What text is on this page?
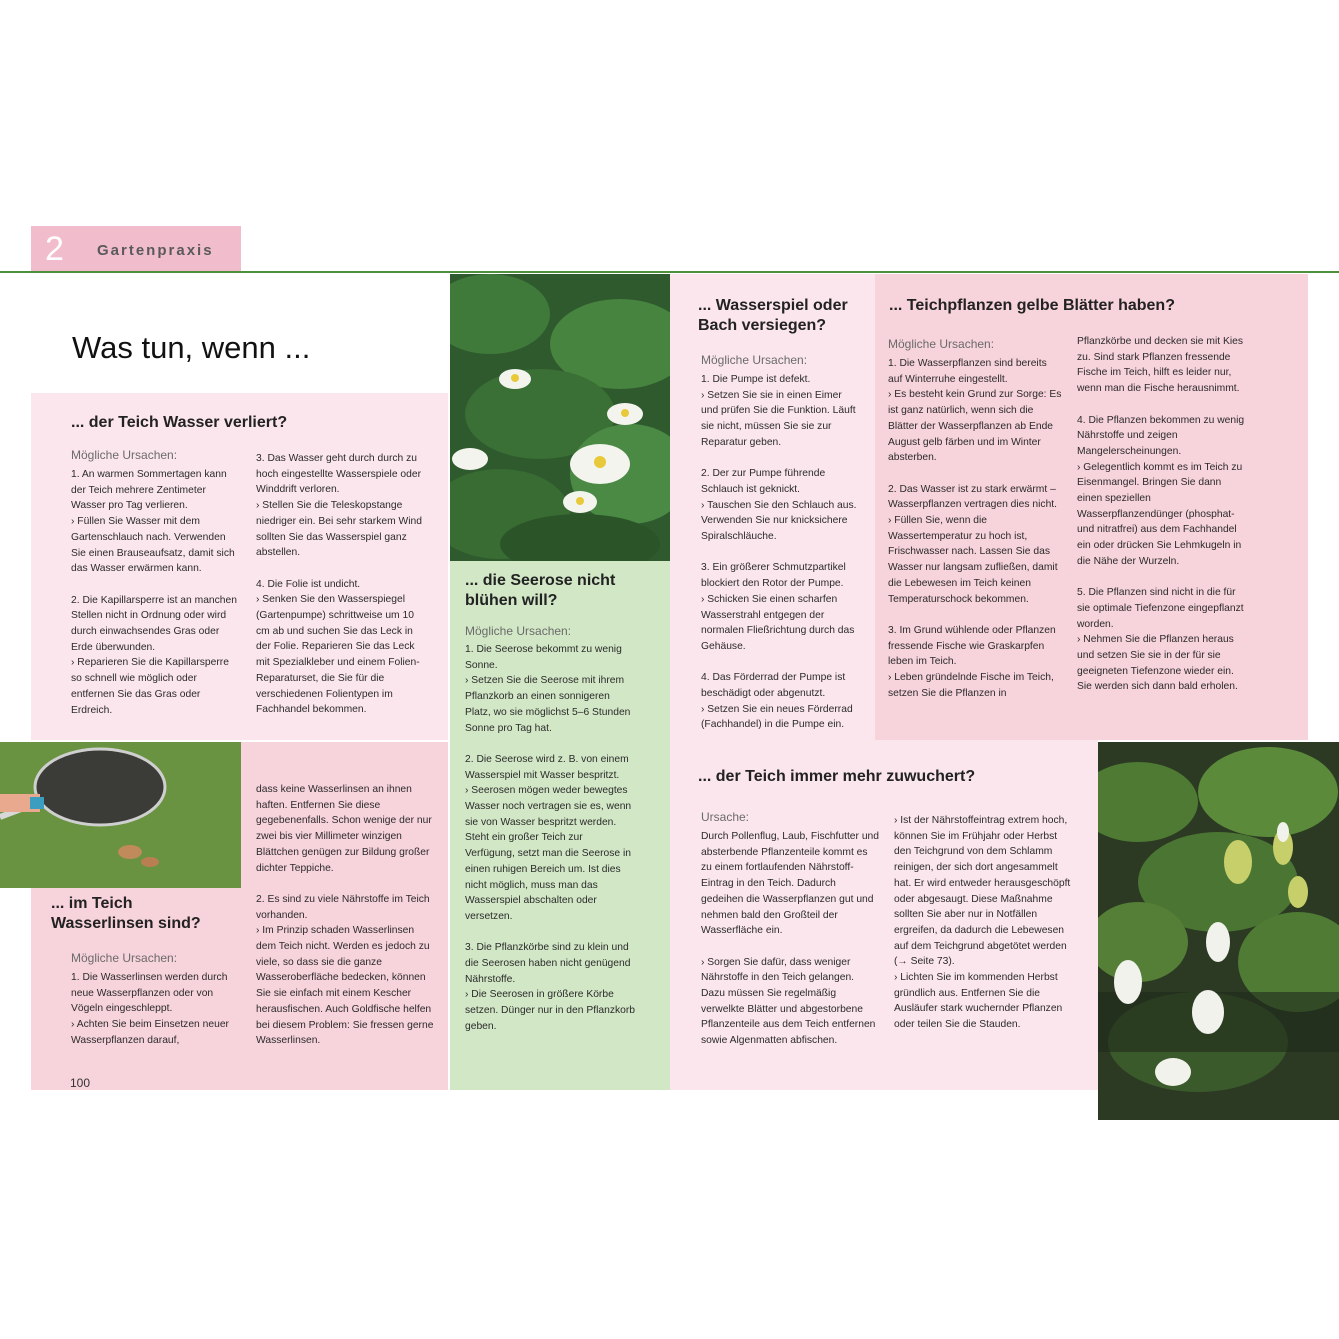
2 Gartenpraxis
Was tun, wenn ...
... der Teich Wasser verliert?

Mögliche Ursachen:

1. An warmen Sommertagen kann der Teich mehrere Zentimeter Wasser pro Tag verlieren.

› Füllen Sie Wasser mit dem Gartenschlauch nach. Verwenden Sie einen Brauseaufsatz, damit sich das Wasser erwärmen kann.

2. Die Kapillarsperre ist an manchen Stellen nicht in Ordnung oder wird durch einwachsendes Gras oder Erde überwunden.

› Reparieren Sie die Kapillarsperre so schnell wie möglich oder entfernen Sie das Gras oder Erdreich.

3. Das Wasser geht durch durch zu hoch eingestellte Wasserspiele oder Winddrift verloren.

› Stellen Sie die Teleskopstange niedriger ein. Bei sehr starkem Wind sollten Sie das Wasserspiel ganz abstellen.

4. Die Folie ist undicht.

› Senken Sie den Wasserspiegel (Gartenpumpe) schrittweise um 10 cm ab und suchen Sie das Leck in der Folie. Reparieren Sie das Leck mit Spezialkleber und einem Folien-Reparaturset, die Sie für die verschiedenen Folientypen im Fachhandel bekommen.

... die Seerose nicht blühen will?

Mögliche Ursachen:

1. Die Seerose bekommt zu wenig Sonne.

› Setzen Sie die Seerose mit ihrem Pflanzkorb an einen sonnigeren Platz, wo sie möglichst 5–6 Stunden Sonne pro Tag hat.

2. Die Seerose wird z. B. von einem Wasserspiel mit Wasser bespritzt.

› Seerosen mögen weder bewegtes Wasser noch vertragen sie es, wenn sie von Wasser bespritzt werden. Steht ein großer Teich zur Verfügung, setzt man die Seerose in einen ruhigen Bereich um. Ist dies nicht möglich, muss man das Wasserspiel abschalten oder versetzen.

3. Die Pflanzkörbe sind zu klein und die Seerosen haben nicht genügend Nährstoffe.

› Die Seerosen in größere Körbe setzen. Dünger nur in den Pflanzkorb geben.

... im Teich Wasserlinsen sind?

Mögliche Ursachen:

1. Die Wasserlinsen werden durch neue Wasserpflanzen oder von Vögeln eingeschleppt.

› Achten Sie beim Einsetzen neuer Wasserpflanzen darauf,

100

dass keine Wasserlinsen an ihnen haften. Entfernen Sie diese gegebenenfalls. Schon wenige der nur zwei bis vier Millimeter winzigen Blättchen genügen zur Bildung großer dichter Teppiche.

2. Es sind zu viele Nährstoffe im Teich vorhanden.

› Im Prinzip schaden Wasserlinsen dem Teich nicht. Werden es jedoch zu viele, so dass sie die ganze Wasseroberfläche bedecken, können Sie sie einfach mit einem Kescher herausfischen. Auch Goldfische helfen bei diesem Problem: Sie fressen gerne Wasserlinsen.

... Wasserspiel oder Bach versiegen?

Mögliche Ursachen:

1. Die Pumpe ist defekt.

› Setzen Sie sie in einen Eimer und prüfen Sie die Funktion. Läuft sie nicht, müssen Sie sie zur Reparatur geben.

2. Der zur Pumpe führende Schlauch ist geknickt.

› Tauschen Sie den Schlauch aus. Verwenden Sie nur knicksichere Spiralschläuche.

3. Ein größerer Schmutzpartikel blockiert den Rotor der Pumpe.

› Schicken Sie einen scharfen Wasserstrahl entgegen der normalen Fließrichtung durch das Gehäuse.

4. Das Förderrad der Pumpe ist beschädigt oder abgenutzt.

› Setzen Sie ein neues Förderrad (Fachhandel) in die Pumpe ein.

... Teichpflanzen gelbe Blätter haben?

Mögliche Ursachen:

1. Die Wasserpflanzen sind bereits auf Winterruhe eingestellt.

› Es besteht kein Grund zur Sorge: Es ist ganz natürlich, wenn sich die Blätter der Wasserpflanzen ab Ende August gelb färben und im Winter absterben.

2. Das Wasser ist zu stark erwärmt – Wasserpflanzen vertragen dies nicht.

› Füllen Sie, wenn die Wassertemperatur zu hoch ist, Frischwasser nach. Lassen Sie das Wasser nur langsam zufließen, damit die Lebewesen im Teich keinen Temperaturschock bekommen.

3. Im Grund wühlende oder Pflanzen fressende Fische wie Graskarpfen leben im Teich.

› Leben gründelnde Fische im Teich, setzen Sie die Pflanzen in

Pflanzkörbe und decken sie mit Kies zu. Sind stark Pflanzen fressende Fische im Teich, hilft es leider nur, wenn man die Fische herausnimmt.

4. Die Pflanzen bekommen zu wenig Nährstoffe und zeigen Mangelerscheinungen.

› Gelegentlich kommt es im Teich zu Eisenmangel. Bringen Sie dann einen speziellen Wasserpflanzendünger (phosphat- und nitratfrei) aus dem Fachhandel ein oder drücken Sie Lehmkugeln in die Nähe der Wurzeln.

5. Die Pflanzen sind nicht in die für sie optimale Tiefenzone eingepflanzt worden.

› Nehmen Sie die Pflanzen heraus und setzen Sie sie in der für sie geeigneten Tiefenzone wieder ein. Sie werden sich dann bald erholen.

... der Teich immer mehr zuwuchert?

Ursache:

Durch Pollenflug, Laub, Fischfutter und absterbende Pflanzenteile kommt es zu einem fortlaufenden Nährstoff-Eintrag in den Teich. Dadurch gedeihen die Wasserpflanzen gut und nehmen bald den Großteil der Wasserfläche ein.

› Sorgen Sie dafür, dass weniger Nährstoffe in den Teich gelangen. Dazu müssen Sie regelmäßig verwelkte Blätter und abgestorbene Pflanzenteile aus dem Teich entfernen sowie Algenmatten abfischen.

› Ist der Nährstoffeintrag extrem hoch, können Sie im Frühjahr oder Herbst den Teichgrund von dem Schlamm reinigen, der sich dort angesammelt hat. Er wird entweder herausgeschöpft oder abgesaugt. Diese Maßnahme sollten Sie aber nur in Notfällen ergreifen, da dadurch die Lebewesen auf dem Teichgrund abgetötet werden (→ Seite 73).

› Lichten Sie im kommenden Herbst gründlich aus. Entfernen Sie die Ausläufer stark wuchernder Pflanzen oder teilen Sie die Stauden.
